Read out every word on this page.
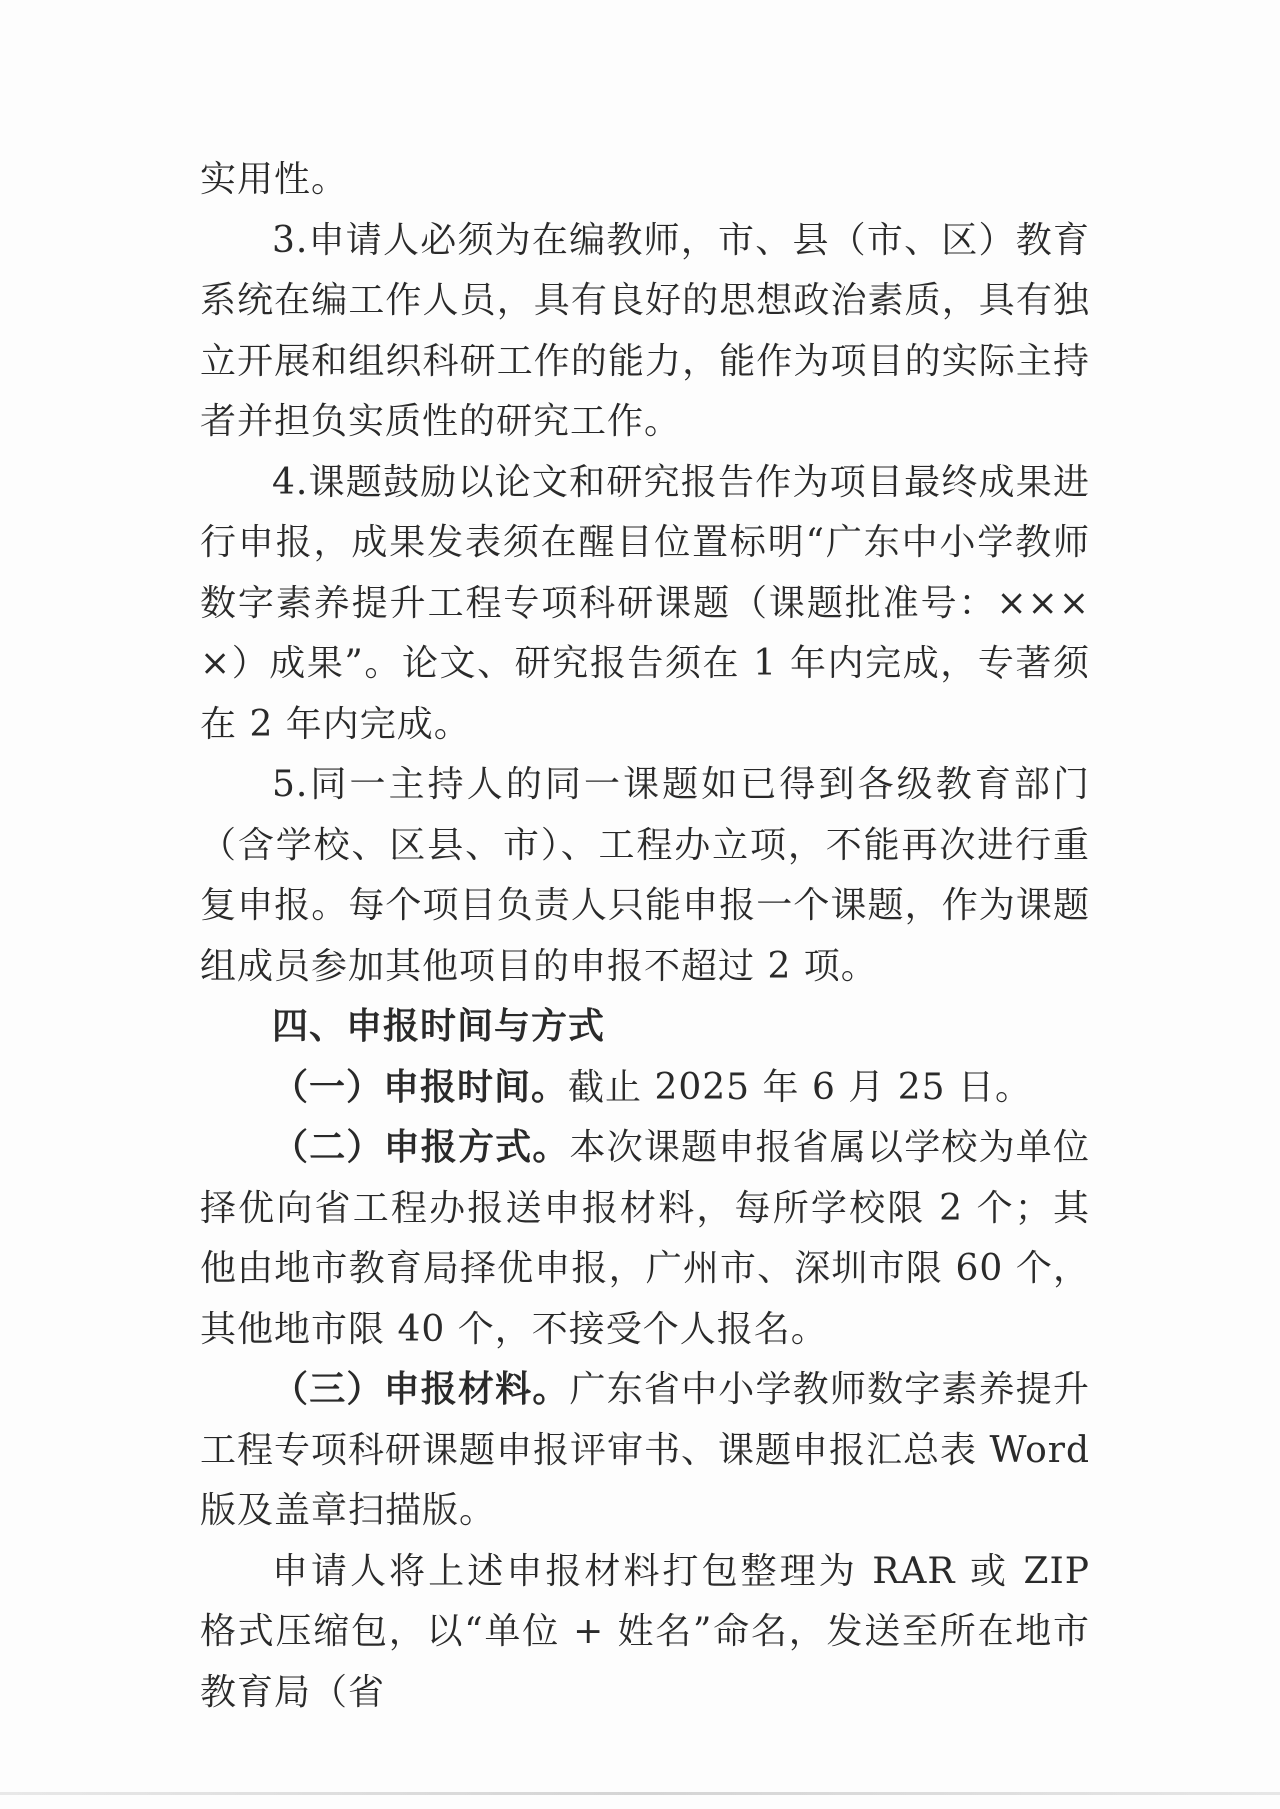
实用性。

3.申请人必须为在编教师，市、县（市、区）教育系统在编工作人员，具有良好的思想政治素质，具有独立开展和组织科研工作的能力，能作为项目的实际主持者并担负实质性的研究工作。

4.课题鼓励以论文和研究报告作为项目最终成果进行申报，成果发表须在醒目位置标明“广东中小学教师数字素养提升工程专项科研课题（课题批准号：××××）成果”。论文、研究报告须在 1 年内完成，专著须在 2 年内完成。

5.同一主持人的同一课题如已得到各级教育部门（含学校、区县、市）、工程办立项，不能再次进行重复申报。每个项目负责人只能申报一个课题，作为课题组成员参加其他项目的申报不超过 2 项。

四、申报时间与方式

（一）申报时间。截止 2025 年 6 月 25 日。

（二）申报方式。本次课题申报省属以学校为单位择优向省工程办报送申报材料，每所学校限 2 个；其他由地市教育局择优申报，广州市、深圳市限 60 个，其他地市限 40 个，不接受个人报名。

（三）申报材料。广东省中小学教师数字素养提升工程专项科研课题申报评审书、课题申报汇总表 Word 版及盖章扫描版。

申请人将上述申报材料打包整理为 RAR 或 ZIP 格式压缩包，以“单位 + 姓名”命名，发送至所在地市教育局（省
